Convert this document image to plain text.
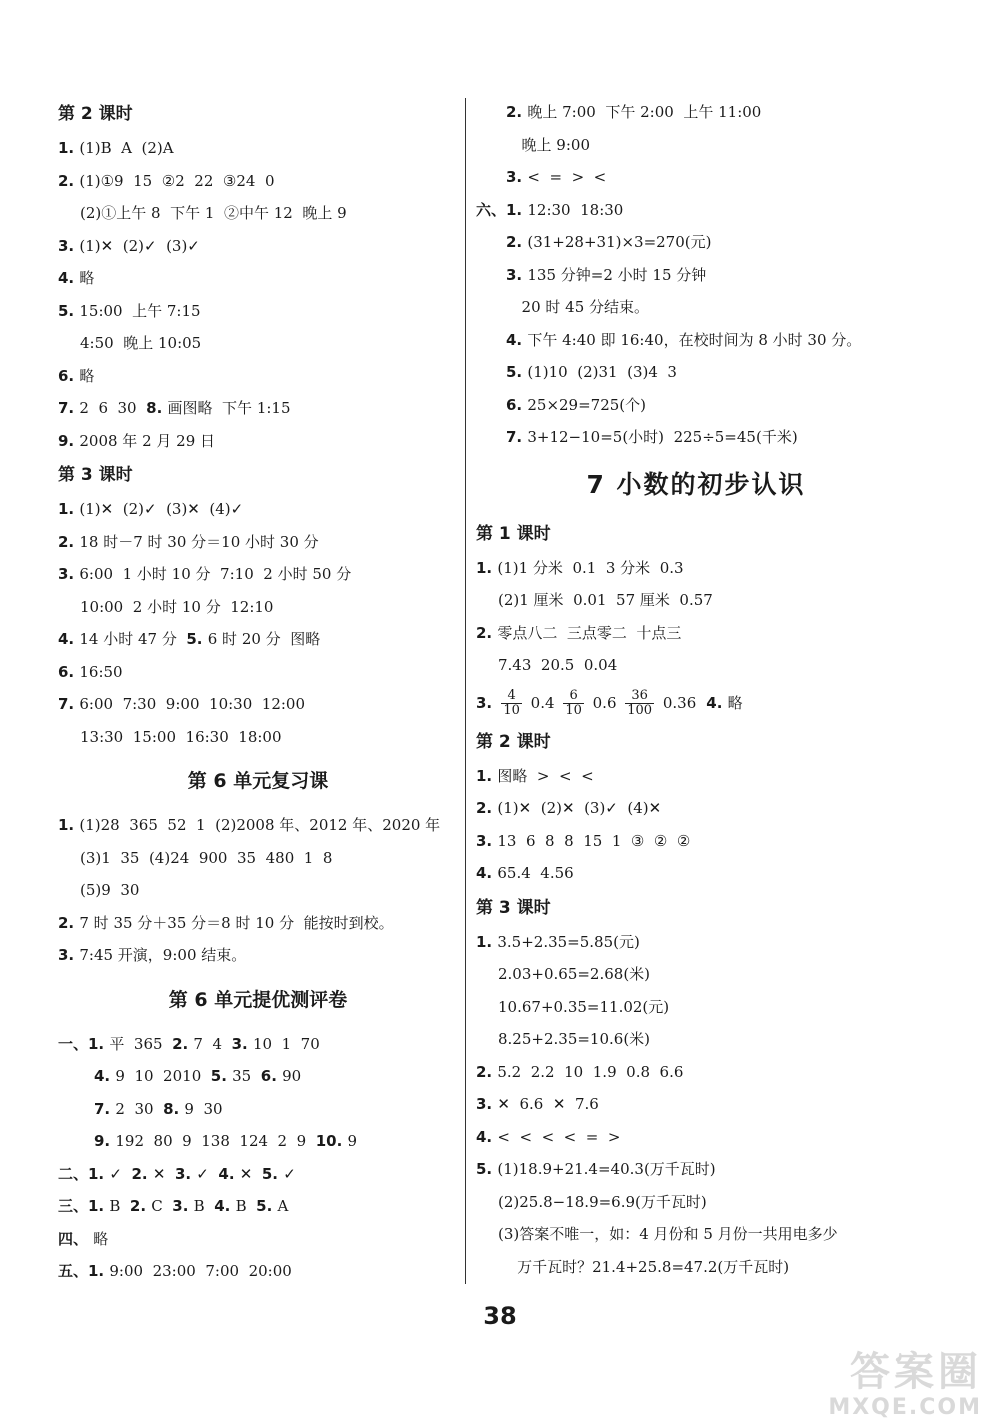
第 2 课时
1. (1)B  A  (2)A
2. (1)①9  15  ②2  22  ③24  0
(2)①上午 8  下午 1  ②中午 12  晚上 9
3. (1)✕  (2)✓  (3)✓
4. 略
5. 15:00  上午 7:15
4:50  晚上 10:05
6. 略
7. 2  6  30  8. 画图略  下午 1:15
9. 2008 年 2 月 29 日
第 3 课时
1. (1)✕  (2)✓  (3)✕  (4)✓
2. 18 时－7 时 30 分＝10 小时 30 分
3. 6:00  1 小时 10 分  7:10  2 小时 50 分
10:00  2 小时 10 分  12:10
4. 14 小时 47 分  5. 6 时 20 分  图略
6. 16:50
7. 6:00  7:30  9:00  10:30  12:00
13:30  15:00  16:30  18:00
第 6 单元复习课
1. (1)28  365  52  1  (2)2008 年、2012 年、2020 年
(3)1  35  (4)24  900  35  480  1  8
(5)9  30
2. 7 时 35 分＋35 分＝8 时 10 分  能按时到校。
3. 7:45 开演，9:00 结束。
第 6 单元提优测评卷
一、1. 平  365  2. 7  4  3. 10  1  70
4. 9  10  2010  5. 35  6. 90
7. 2  30  8. 9  30
9. 192  80  9  138  124  2  9  10. 9
二、1. ✓  2. ✕  3. ✓  4. ✕  5. ✓
三、1. B  2. C  3. B  4. B  5. A
四、 略
五、1. 9:00  23:00  7:00  20:00
2. 晚上 7:00  下午 2:00  上午 11:00
晚上 9:00
3. <  =  >  <
六、1. 12:30  18:30
2. (31+28+31)×3=270(元)
3. 135 分钟=2 小时 15 分钟
20 时 45 分结束。
4. 下午 4:40 即 16:40，在校时间为 8 小时 30 分。
5. (1)10  (2)31  (3)4  3
6. 25×29=725(个)
7. 3+12−10=5(小时)  225÷5=45(千米)
7 小数的初步认识
第 1 课时
1. (1)1 分米  0.1  3 分米  0.3
(2)1 厘米  0.01  57 厘米  0.57
2. 零点八二  三点零二  十点三
7.43  20.5  0.04
3. $\frac{4}{10} 0.4 \frac{6}{10} 0.6 \frac{36}{100} 0.36$  4. 略
第 2 课时
1. 图略  >  <  <
2. (1)✕  (2)✕  (3)✓  (4)✕
3. 13  6  8  8  15  1  ③  ②  ②
4. 65.4  4.56
第 3 课时
1. 3.5+2.35=5.85(元)
2.03+0.65=2.68(米)
10.67+0.35=11.02(元)
8.25+2.35=10.6(米)
2. 5.2  2.2  10  1.9  0.8  6.6
3. ✕  6.6  ✕  7.6
4. <  <  <  <  =  >
5. (1)18.9+21.4=40.3(万千瓦时)
(2)25.8−18.9=6.9(万千瓦时)
(3)答案不唯一，如：4 月份和 5 月份一共用电多少
万千瓦时？21.4+25.8=47.2(万千瓦时)
38
答案圈
MXQE.COM
